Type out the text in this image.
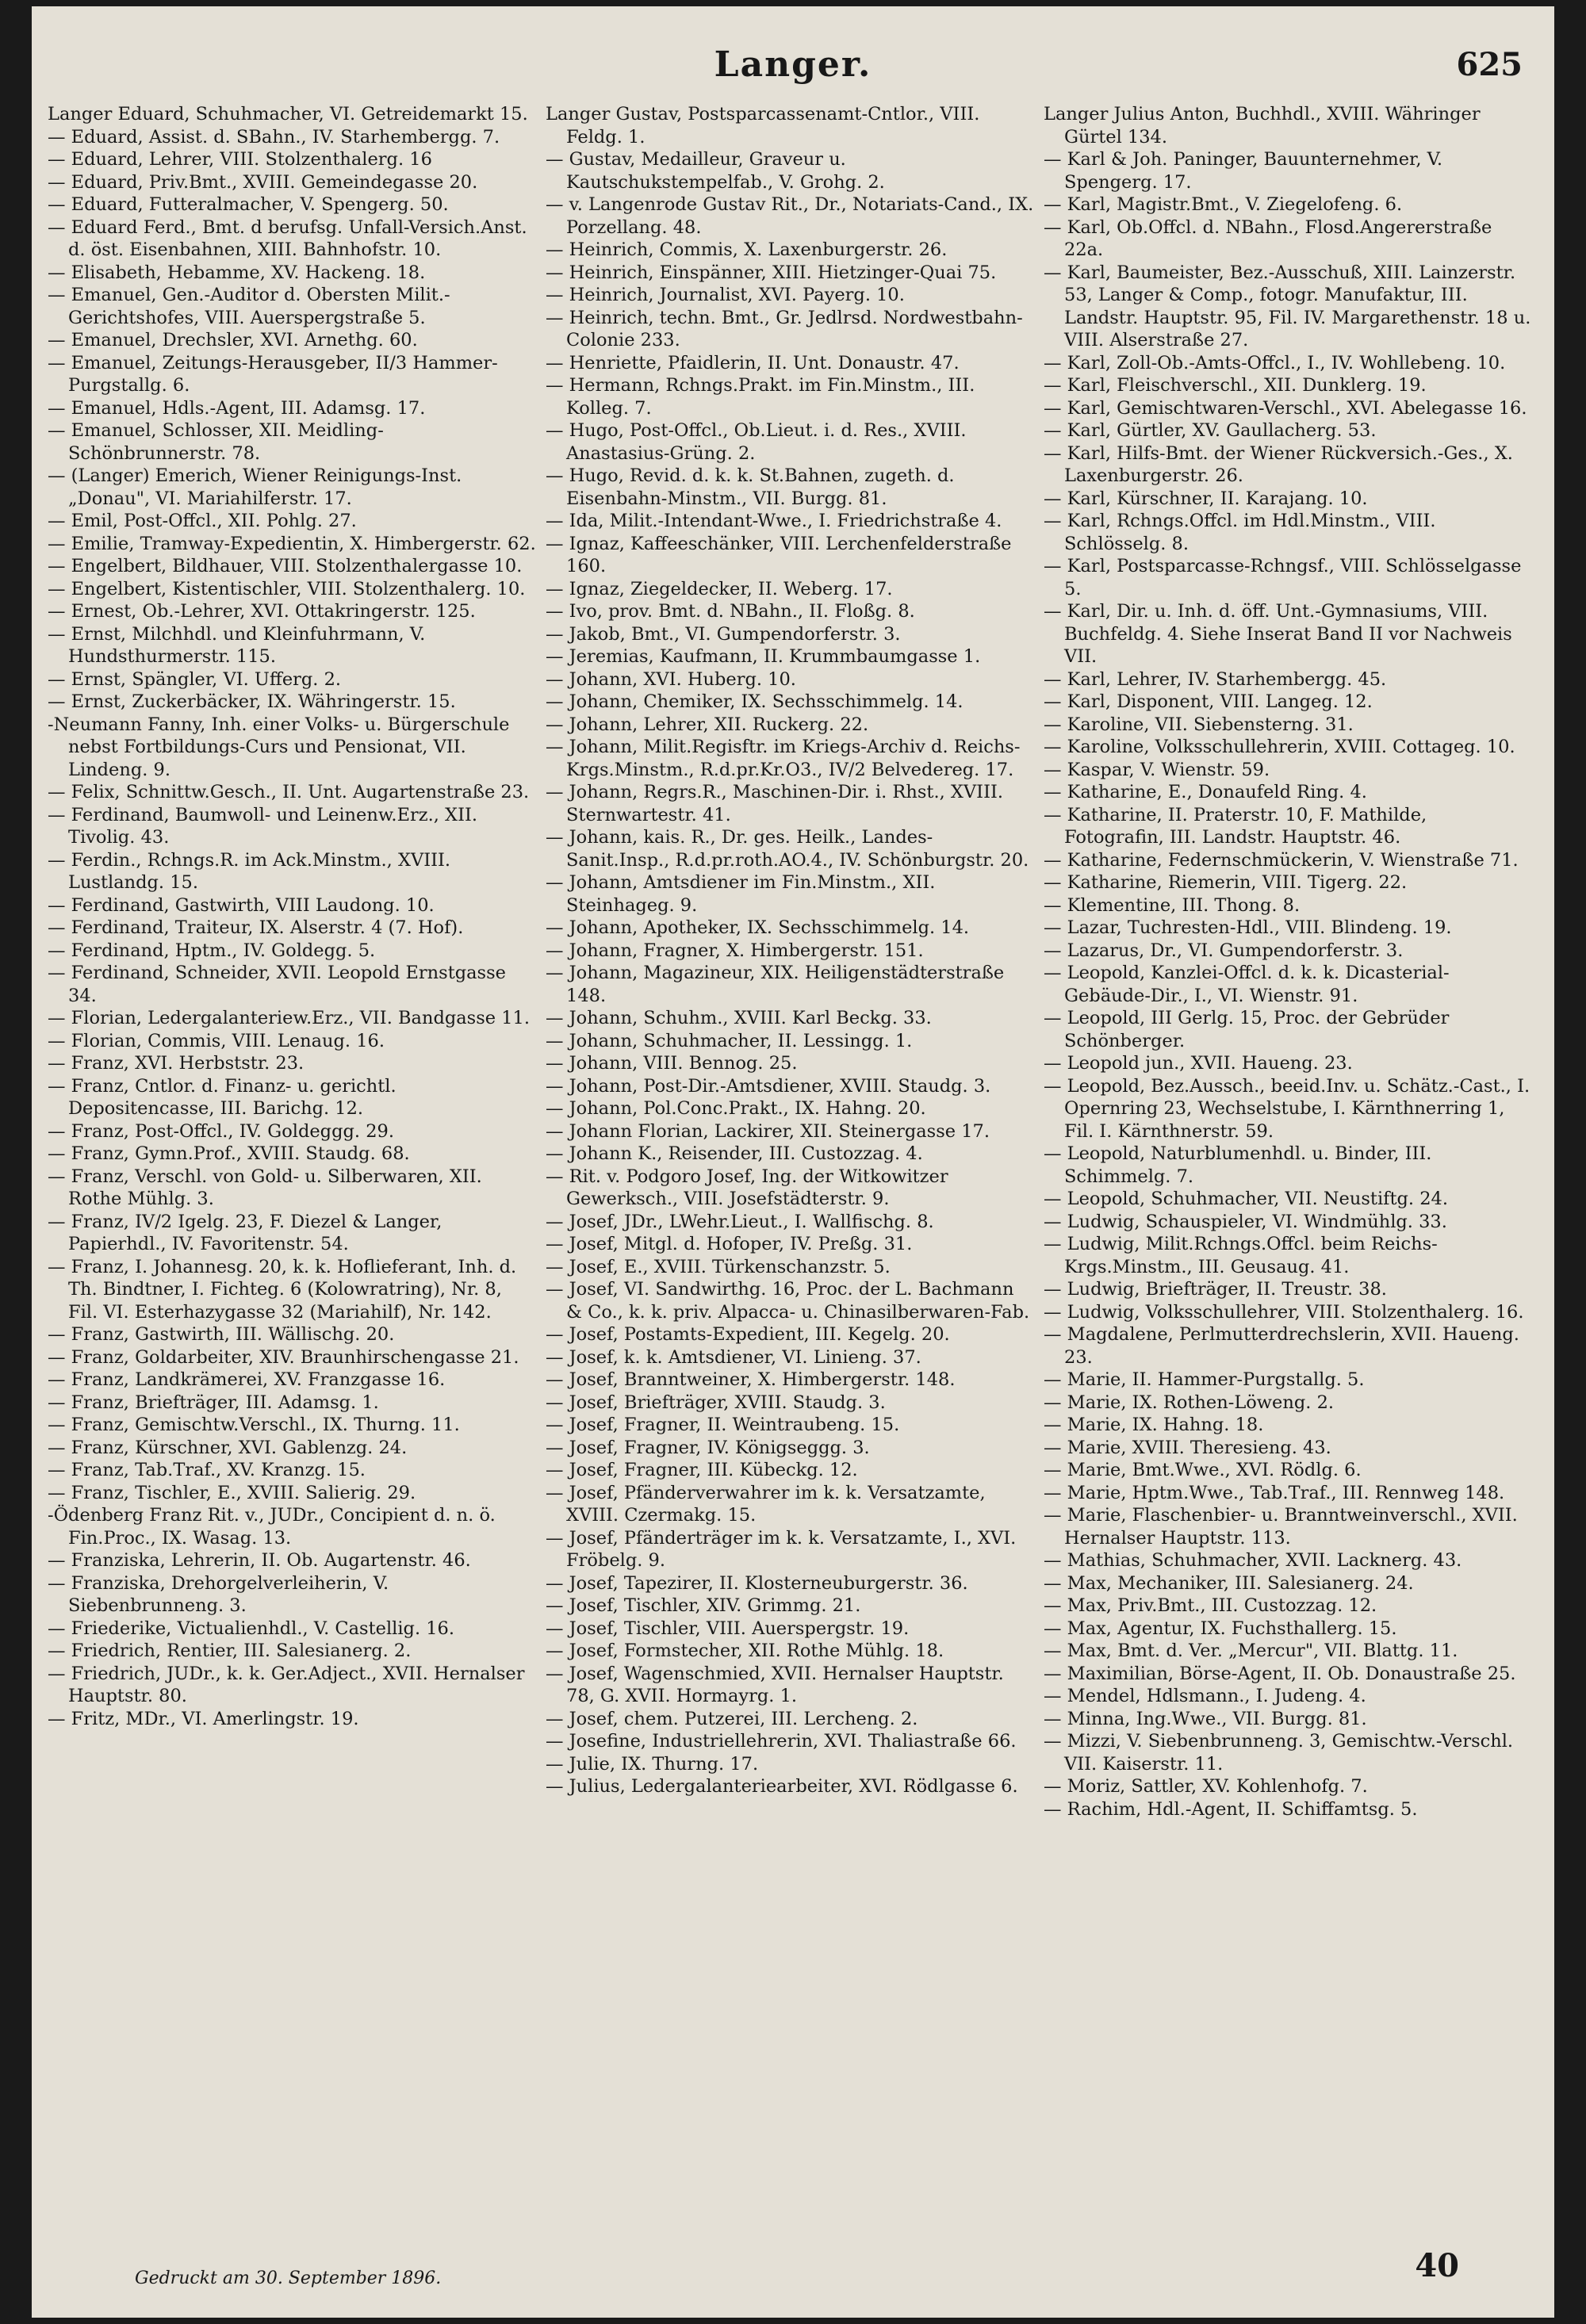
Langer.	625

Langer Eduard, Schuhmacher, VI. Getreidemarkt 15.

— Eduard, Assist. d. SBahn., IV. Starhembergg. 7.

— Eduard, Lehrer, VIII. Stolzenthalerg. 16

— Eduard, Priv.Bmt., XVIII. Gemeindegasse 20.

— Eduard, Futteralmacher, V. Spengerg. 50.

— Eduard Ferd., Bmt. d berufsg. Unfall-Versich.Anst. d. öst. Eisenbahnen, XIII. Bahnhofstr. 10.

— Elisabeth, Hebamme, XV. Hackeng. 18.

— Emanuel, Gen.-Auditor d. Obersten Milit.-Gerichtshofes, VIII. Auerspergstraße 5.

— Emanuel, Drechsler, XVI. Arnethg. 60.

— Emanuel, Zeitungs-Herausgeber, II/3 Hammer-Purgstallg. 6.

— Emanuel, Hdls.-Agent, III. Adamsg. 17.

— Emanuel, Schlosser, XII. Meidling-Schönbrunnerstr. 78.

— (Langer) Emerich, Wiener Reinigungs-Inst. „Donau", VI. Mariahilferstr. 17.

— Emil, Post-Offcl., XII. Pohlg. 27.

— Emilie, Tramway-Expedientin, X. Himbergerstr. 62.

— Engelbert, Bildhauer, VIII. Stolzenthalergasse 10.

— Engelbert, Kistentischler, VIII. Stolzenthalerg. 10.

— Ernest, Ob.-Lehrer, XVI. Ottakringerstr. 125.

— Ernst, Milchhdl. und Kleinfuhrmann, V. Hundsthurmerstr. 115.

— Ernst, Spängler, VI. Ufferg. 2.

— Ernst, Zuckerbäcker, IX. Währingerstr. 15.

-Neumann Fanny, Inh. einer Volks- u. Bürgerschule nebst Fortbildungs-Curs und Pensionat, VII. Lindeng. 9.

— Felix, Schnittw.Gesch., II. Unt. Augartenstraße 23.

— Ferdinand, Baumwoll- und Leinenw.Erz., XII. Tivolig. 43.

— Ferdin., Rchngs.R. im Ack.Minstm., XVIII. Lustlandg. 15.

— Ferdinand, Gastwirth, VIII Laudong. 10.

— Ferdinand, Traiteur, IX. Alserstr. 4 (7. Hof).

— Ferdinand, Hptm., IV. Goldegg. 5.

— Ferdinand, Schneider, XVII. Leopold Ernstgasse 34.

— Florian, Ledergalanteriew.Erz., VII. Bandgasse 11.

— Florian, Commis, VIII. Lenaug. 16.

— Franz, XVI. Herbststr. 23.

— Franz, Cntlor. d. Finanz- u. gerichtl. Depositencasse, III. Barichg. 12.

— Franz, Post-Offcl., IV. Goldeggg. 29.

— Franz, Gymn.Prof., XVIII. Staudg. 68.

— Franz, Verschl. von Gold- u. Silberwaren, XII. Rothe Mühlg. 3.

— Franz, IV/2 Igelg. 23, F. Diezel & Langer, Papierhdl., IV. Favoritenstr. 54.

— Franz, I. Johannesg. 20, k. k. Hoflieferant, Inh. d. Th. Bindtner, I. Fichteg. 6 (Kolowratring), Nr. 8, Fil. VI. Esterhazygasse 32 (Mariahilf), Nr. 142.

— Franz, Gastwirth, III. Wällischg. 20.

— Franz, Goldarbeiter, XIV. Braunhirschengasse 21.

— Franz, Landkrämerei, XV. Franzgasse 16.

— Franz, Briefträger, III. Adamsg. 1.

— Franz, Gemischtw.Verschl., IX. Thurng. 11.

— Franz, Kürschner, XVI. Gablenzg. 24.

— Franz, Tab.Traf., XV. Kranzg. 15.

— Franz, Tischler, E., XVIII. Salierig. 29.

-Ödenberg Franz Rit. v., JUDr., Concipient d. n. ö. Fin.Proc., IX. Wasag. 13.

— Franziska, Lehrerin, II. Ob. Augartenstr. 46.

— Franziska, Drehorgelverleiherin, V. Siebenbrunneng. 3.

— Friederike, Victualienhdl., V. Castellig. 16.

— Friedrich, Rentier, III. Salesianerg. 2.

— Friedrich, JUDr., k. k. Ger.Adject., XVII. Hernalser Hauptstr. 80.

— Fritz, MDr., VI. Amerlingstr. 19.

Langer Gustav, Postsparcassenamt-Cntlor., VIII. Feldg. 1.

— Gustav, Medailleur, Graveur u. Kautschukstempelfab., V. Grohg. 2.

— v. Langenrode Gustav Rit., Dr., Notariats-Cand., IX. Porzellang. 48.

— Heinrich, Commis, X. Laxenburgerstr. 26.

— Heinrich, Einspänner, XIII. Hietzinger-Quai 75.

— Heinrich, Journalist, XVI. Payerg. 10.

— Heinrich, techn. Bmt., Gr. Jedlrsd. Nordwestbahn-Colonie 233.

— Henriette, Pfaidlerin, II. Unt. Donaustr. 47.

— Hermann, Rchngs.Prakt. im Fin.Minstm., III. Kolleg. 7.

— Hugo, Post-Offcl., Ob.Lieut. i. d. Res., XVIII. Anastasius-Grüng. 2.

— Hugo, Revid. d. k. k. St.Bahnen, zugeth. d. Eisenbahn-Minstm., VII. Burgg. 81.

— Ida, Milit.-Intendant-Wwe., I. Friedrichstraße 4.

— Ignaz, Kaffeeschänker, VIII. Lerchenfelderstraße 160.

— Ignaz, Ziegeldecker, II. Weberg. 17.

— Ivo, prov. Bmt. d. NBahn., II. Floßg. 8.

— Jakob, Bmt., VI. Gumpendorferstr. 3.

— Jeremias, Kaufmann, II. Krummbaumgasse 1.

— Johann, XVI. Huberg. 10.

— Johann, Chemiker, IX. Sechsschimmelg. 14.

— Johann, Lehrer, XII. Ruckerg. 22.

— Johann, Milit.Regisftr. im Kriegs-Archiv d. Reichs-Krgs.Minstm., R.d.pr.Kr.O3., IV/2 Belvedereg. 17.

— Johann, Regrs.R., Maschinen-Dir. i. Rhst., XVIII. Sternwartestr. 41.

— Johann, kais. R., Dr. ges. Heilk., Landes-Sanit.Insp., R.d.pr.roth.AO.4., IV. Schönburgstr. 20.

— Johann, Amtsdiener im Fin.Minstm., XII. Steinhageg. 9.

— Johann, Apotheker, IX. Sechsschimmelg. 14.

— Johann, Fragner, X. Himbergerstr. 151.

— Johann, Magazineur, XIX. Heiligenstädterstraße 148.

— Johann, Schuhm., XVIII. Karl Beckg. 33.

— Johann, Schuhmacher, II. Lessingg. 1.

— Johann, VIII. Bennog. 25.

— Johann, Post-Dir.-Amtsdiener, XVIII. Staudg. 3.

— Johann, Pol.Conc.Prakt., IX. Hahng. 20.

— Johann Florian, Lackirer, XII. Steinergasse 17.

— Johann K., Reisender, III. Custozzag. 4.

— Rit. v. Podgoro Josef, Ing. der Witkowitzer Gewerksch., VIII. Josefstädterstr. 9.

— Josef, JDr., LWehr.Lieut., I. Wallfischg. 8.

— Josef, Mitgl. d. Hofoper, IV. Preßg. 31.

— Josef, E., XVIII. Türkenschanzstr. 5.

— Josef, VI. Sandwirthg. 16, Proc. der L. Bachmann & Co., k. k. priv. Alpacca- u. Chinasilberwaren-Fab.

— Josef, Postamts-Expedient, III. Kegelg. 20.

— Josef, k. k. Amtsdiener, VI. Linieng. 37.

— Josef, Branntweiner, X. Himbergerstr. 148.

— Josef, Briefträger, XVIII. Staudg. 3.

— Josef, Fragner, II. Weintraubeng. 15.

— Josef, Fragner, IV. Königseggg. 3.

— Josef, Fragner, III. Kübeckg. 12.

— Josef, Pfänderverwahrer im k. k. Versatzamte, XVIII. Czermakg. 15.

— Josef, Pfänderträger im k. k. Versatzamte, I., XVI. Fröbelg. 9.

— Josef, Tapezirer, II. Klosterneuburgerstr. 36.

— Josef, Tischler, XIV. Grimmg. 21.

— Josef, Tischler, VIII. Auerspergstr. 19.

— Josef, Formstecher, XII. Rothe Mühlg. 18.

— Josef, Wagenschmied, XVII. Hernalser Hauptstr. 78, G. XVII. Hormayrg. 1.

— Josef, chem. Putzerei, III. Lercheng. 2.

— Josefine, Industriellehrerin, XVI. Thaliastraße 66.

— Julie, IX. Thurng. 17.

— Julius, Ledergalanteriearbeiter, XVI. Rödlgasse 6.

Langer Julius Anton, Buchhdl., XVIII. Währinger Gürtel 134.

— Karl & Joh. Paninger, Bauunternehmer, V. Spengerg. 17.

— Karl, Magistr.Bmt., V. Ziegelofeng. 6.

— Karl, Ob.Offcl. d. NBahn., Flosd.Angererstraße 22a.

— Karl, Baumeister, Bez.-Ausschuß, XIII. Lainzerstr. 53, Langer & Comp., fotogr. Manufaktur, III. Landstr. Hauptstr. 95, Fil. IV. Margarethenstr. 18 u. VIII. Alserstraße 27.

— Karl, Zoll-Ob.-Amts-Offcl., I., IV. Wohllebeng. 10.

— Karl, Fleischverschl., XII. Dunklerg. 19.

— Karl, Gemischtwaren-Verschl., XVI. Abelegasse 16.

— Karl, Gürtler, XV. Gaullacherg. 53.

— Karl, Hilfs-Bmt. der Wiener Rückversich.-Ges., X. Laxenburgerstr. 26.

— Karl, Kürschner, II. Karajang. 10.

— Karl, Rchngs.Offcl. im Hdl.Minstm., VIII. Schlösselg. 8.

— Karl, Postsparcasse-Rchngsf., VIII. Schlösselgasse 5.

— Karl, Dir. u. Inh. d. öff. Unt.-Gymnasiums, VIII. Buchfeldg. 4. Siehe Inserat Band II vor Nachweis VII.

— Karl, Lehrer, IV. Starhembergg. 45.

— Karl, Disponent, VIII. Langeg. 12.

— Karoline, VII. Siebensterng. 31.

— Karoline, Volksschullehrerin, XVIII. Cottageg. 10.

— Kaspar, V. Wienstr. 59.

— Katharine, E., Donaufeld Ring. 4.

— Katharine, II. Praterstr. 10, F. Mathilde, Fotografin, III. Landstr. Hauptstr. 46.

— Katharine, Federnschmückerin, V. Wienstraße 71.

— Katharine, Riemerin, VIII. Tigerg. 22.

— Klementine, III. Thong. 8.

— Lazar, Tuchresten-Hdl., VIII. Blindeng. 19.

— Lazarus, Dr., VI. Gumpendorferstr. 3.

— Leopold, Kanzlei-Offcl. d. k. k. Dicasterial-Gebäude-Dir., I., VI. Wienstr. 91.

— Leopold, III Gerlg. 15, Proc. der Gebrüder Schönberger.

— Leopold jun., XVII. Haueng. 23.

— Leopold, Bez.Aussch., beeid.Inv. u. Schätz.-Cast., I. Opernring 23, Wechselstube, I. Kärnthnerring 1, Fil. I. Kärnthnerstr. 59.

— Leopold, Naturblumenhdl. u. Binder, III. Schimmelg. 7.

— Leopold, Schuhmacher, VII. Neustiftg. 24.

— Ludwig, Schauspieler, VI. Windmühlg. 33.

— Ludwig, Milit.Rchngs.Offcl. beim Reichs-Krgs.Minstm., III. Geusaug. 41.

— Ludwig, Briefträger, II. Treustr. 38.

— Ludwig, Volksschullehrer, VIII. Stolzenthalerg. 16.

— Magdalene, Perlmutterdrechslerin, XVII. Haueng. 23.

— Marie, II. Hammer-Purgstallg. 5.

— Marie, IX. Rothen-Löweng. 2.

— Marie, IX. Hahng. 18.

— Marie, XVIII. Theresieng. 43.

— Marie, Bmt.Wwe., XVI. Rödlg. 6.

— Marie, Hptm.Wwe., Tab.Traf., III. Rennweg 148.

— Marie, Flaschenbier- u. Branntweinverschl., XVII. Hernalser Hauptstr. 113.

— Mathias, Schuhmacher, XVII. Lacknerg. 43.

— Max, Mechaniker, III. Salesianerg. 24.

— Max, Priv.Bmt., III. Custozzag. 12.

— Max, Agentur, IX. Fuchsthallerg. 15.

— Max, Bmt. d. Ver. „Mercur", VII. Blattg. 11.

— Maximilian, Börse-Agent, II. Ob. Donaustraße 25.

— Mendel, Hdlsmann., I. Judeng. 4.

— Minna, Ing.Wwe., VII. Burgg. 81.

— Mizzi, V. Siebenbrunneng. 3, Gemischtw.-Verschl. VII. Kaiserstr. 11.

— Moriz, Sattler, XV. Kohlenhofg. 7.

— Rachim, Hdl.-Agent, II. Schiffamtsg. 5.

Gedruckt am 30. September 1896.	40
